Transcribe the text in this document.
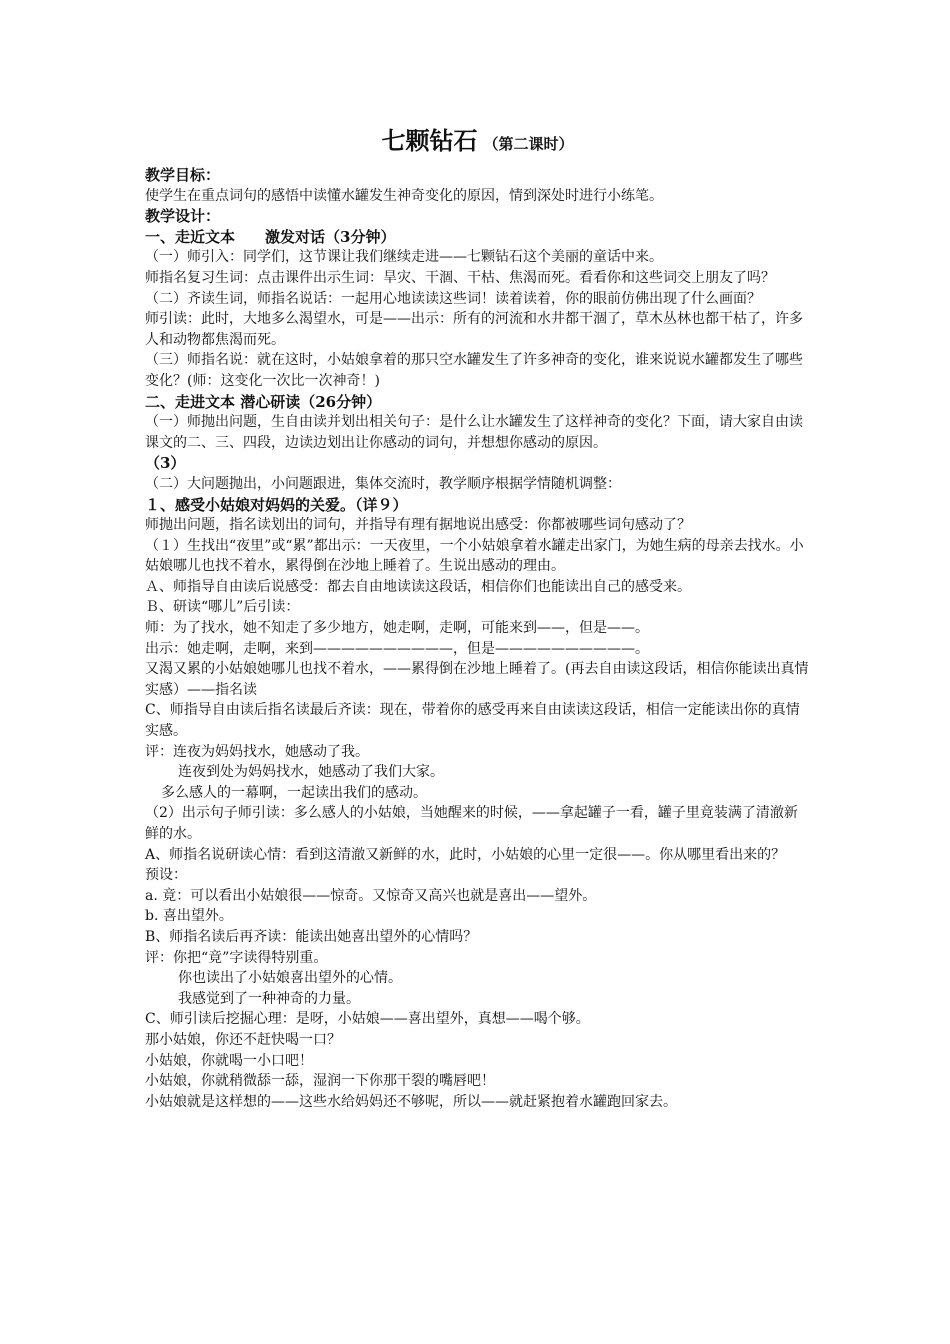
七颗钻石 （第二课时）
教学目标：
使学生在重点词句的感悟中读懂水罐发生神奇变化的原因，情到深处时进行小练笔。
教学设计：
一、走近文本　　激发对话（3分钟）
（一）师引入：同学们，这节课让我们继续走进——七颗钻石这个美丽的童话中来。
师指名复习生词：点击课件出示生词：旱灾、干涸、干枯、焦渴而死。看看你和这些词交上朋友了吗？
（二）齐读生词，师指名说话：一起用心地读读这些词！读着读着，你的眼前仿佛出现了什么画面？
师引读：此时，大地多么渴望水，可是——出示：所有的河流和水井都干涸了，草木丛林也都干枯了，许多人和动物都焦渴而死。
（三）师指名说：就在这时，小姑娘拿着的那只空水罐发生了许多神奇的变化，谁来说说水罐都发生了哪些变化？(师：这变化一次比一次神奇！)
二、走进文本 潜心研读（26分钟）
（一）师抛出问题，生自由读并划出相关句子：是什么让水罐发生了这样神奇的变化？下面，请大家自由读课文的二、三、四段，边读边划出让你感动的词句，并想想你感动的原因。
（3）
（二）大问题抛出，小问题跟进，集体交流时，教学顺序根据学情随机调整：
１、感受小姑娘对妈妈的关爱。（详９）
师抛出问题，指名读划出的词句，并指导有理有据地说出感受：你都被哪些词句感动了？
（１）生找出“夜里”或“累”都出示：一天夜里，一个小姑娘拿着水罐走出家门，为她生病的母亲去找水。小姑娘哪儿也找不着水，累得倒在沙地上睡着了。生说出感动的理由。
Ａ、师指导自由读后说感受：都去自由地读读这段话，相信你们也能读出自己的感受来。
Ｂ、研读“哪儿”后引读：
师：为了找水，她不知走了多少地方，她走啊，走啊，可能来到——，但是——。
出示：她走啊，走啊，来到——————————，但是——————————。
又渴又累的小姑娘她哪儿也找不着水，——累得倒在沙地上睡着了。(再去自由读这段话，相信你能读出真情实感）——指名读
C、师指导自由读后指名读最后齐读：现在，带着你的感受再来自由读读这段话，相信一定能读出你的真情实感。
评：连夜为妈妈找水，她感动了我。
连夜到处为妈妈找水，她感动了我们大家。
多么感人的一幕啊，一起读出我们的感动。
（2）出示句子师引读：多么感人的小姑娘，当她醒来的时候，——拿起罐子一看，罐子里竟装满了清澈新鲜的水。
A、师指名说研读心情：看到这清澈又新鲜的水，此时，小姑娘的心里一定很——。你从哪里看出来的？
预设：
a. 竟：可以看出小姑娘很——惊奇。又惊奇又高兴也就是喜出——望外。
b. 喜出望外。
B、师指名读后再齐读：能读出她喜出望外的心情吗？
评：你把“竟”字读得特别重。
你也读出了小姑娘喜出望外的心情。
我感觉到了一种神奇的力量。
C、师引读后挖掘心理：是呀，小姑娘——喜出望外，真想——喝个够。
那小姑娘，你还不赶快喝一口？
小姑娘，你就喝一小口吧！
小姑娘，你就稍微舔一舔，湿润一下你那干裂的嘴唇吧！
小姑娘就是这样想的——这些水给妈妈还不够呢，所以——就赶紧抱着水罐跑回家去。
